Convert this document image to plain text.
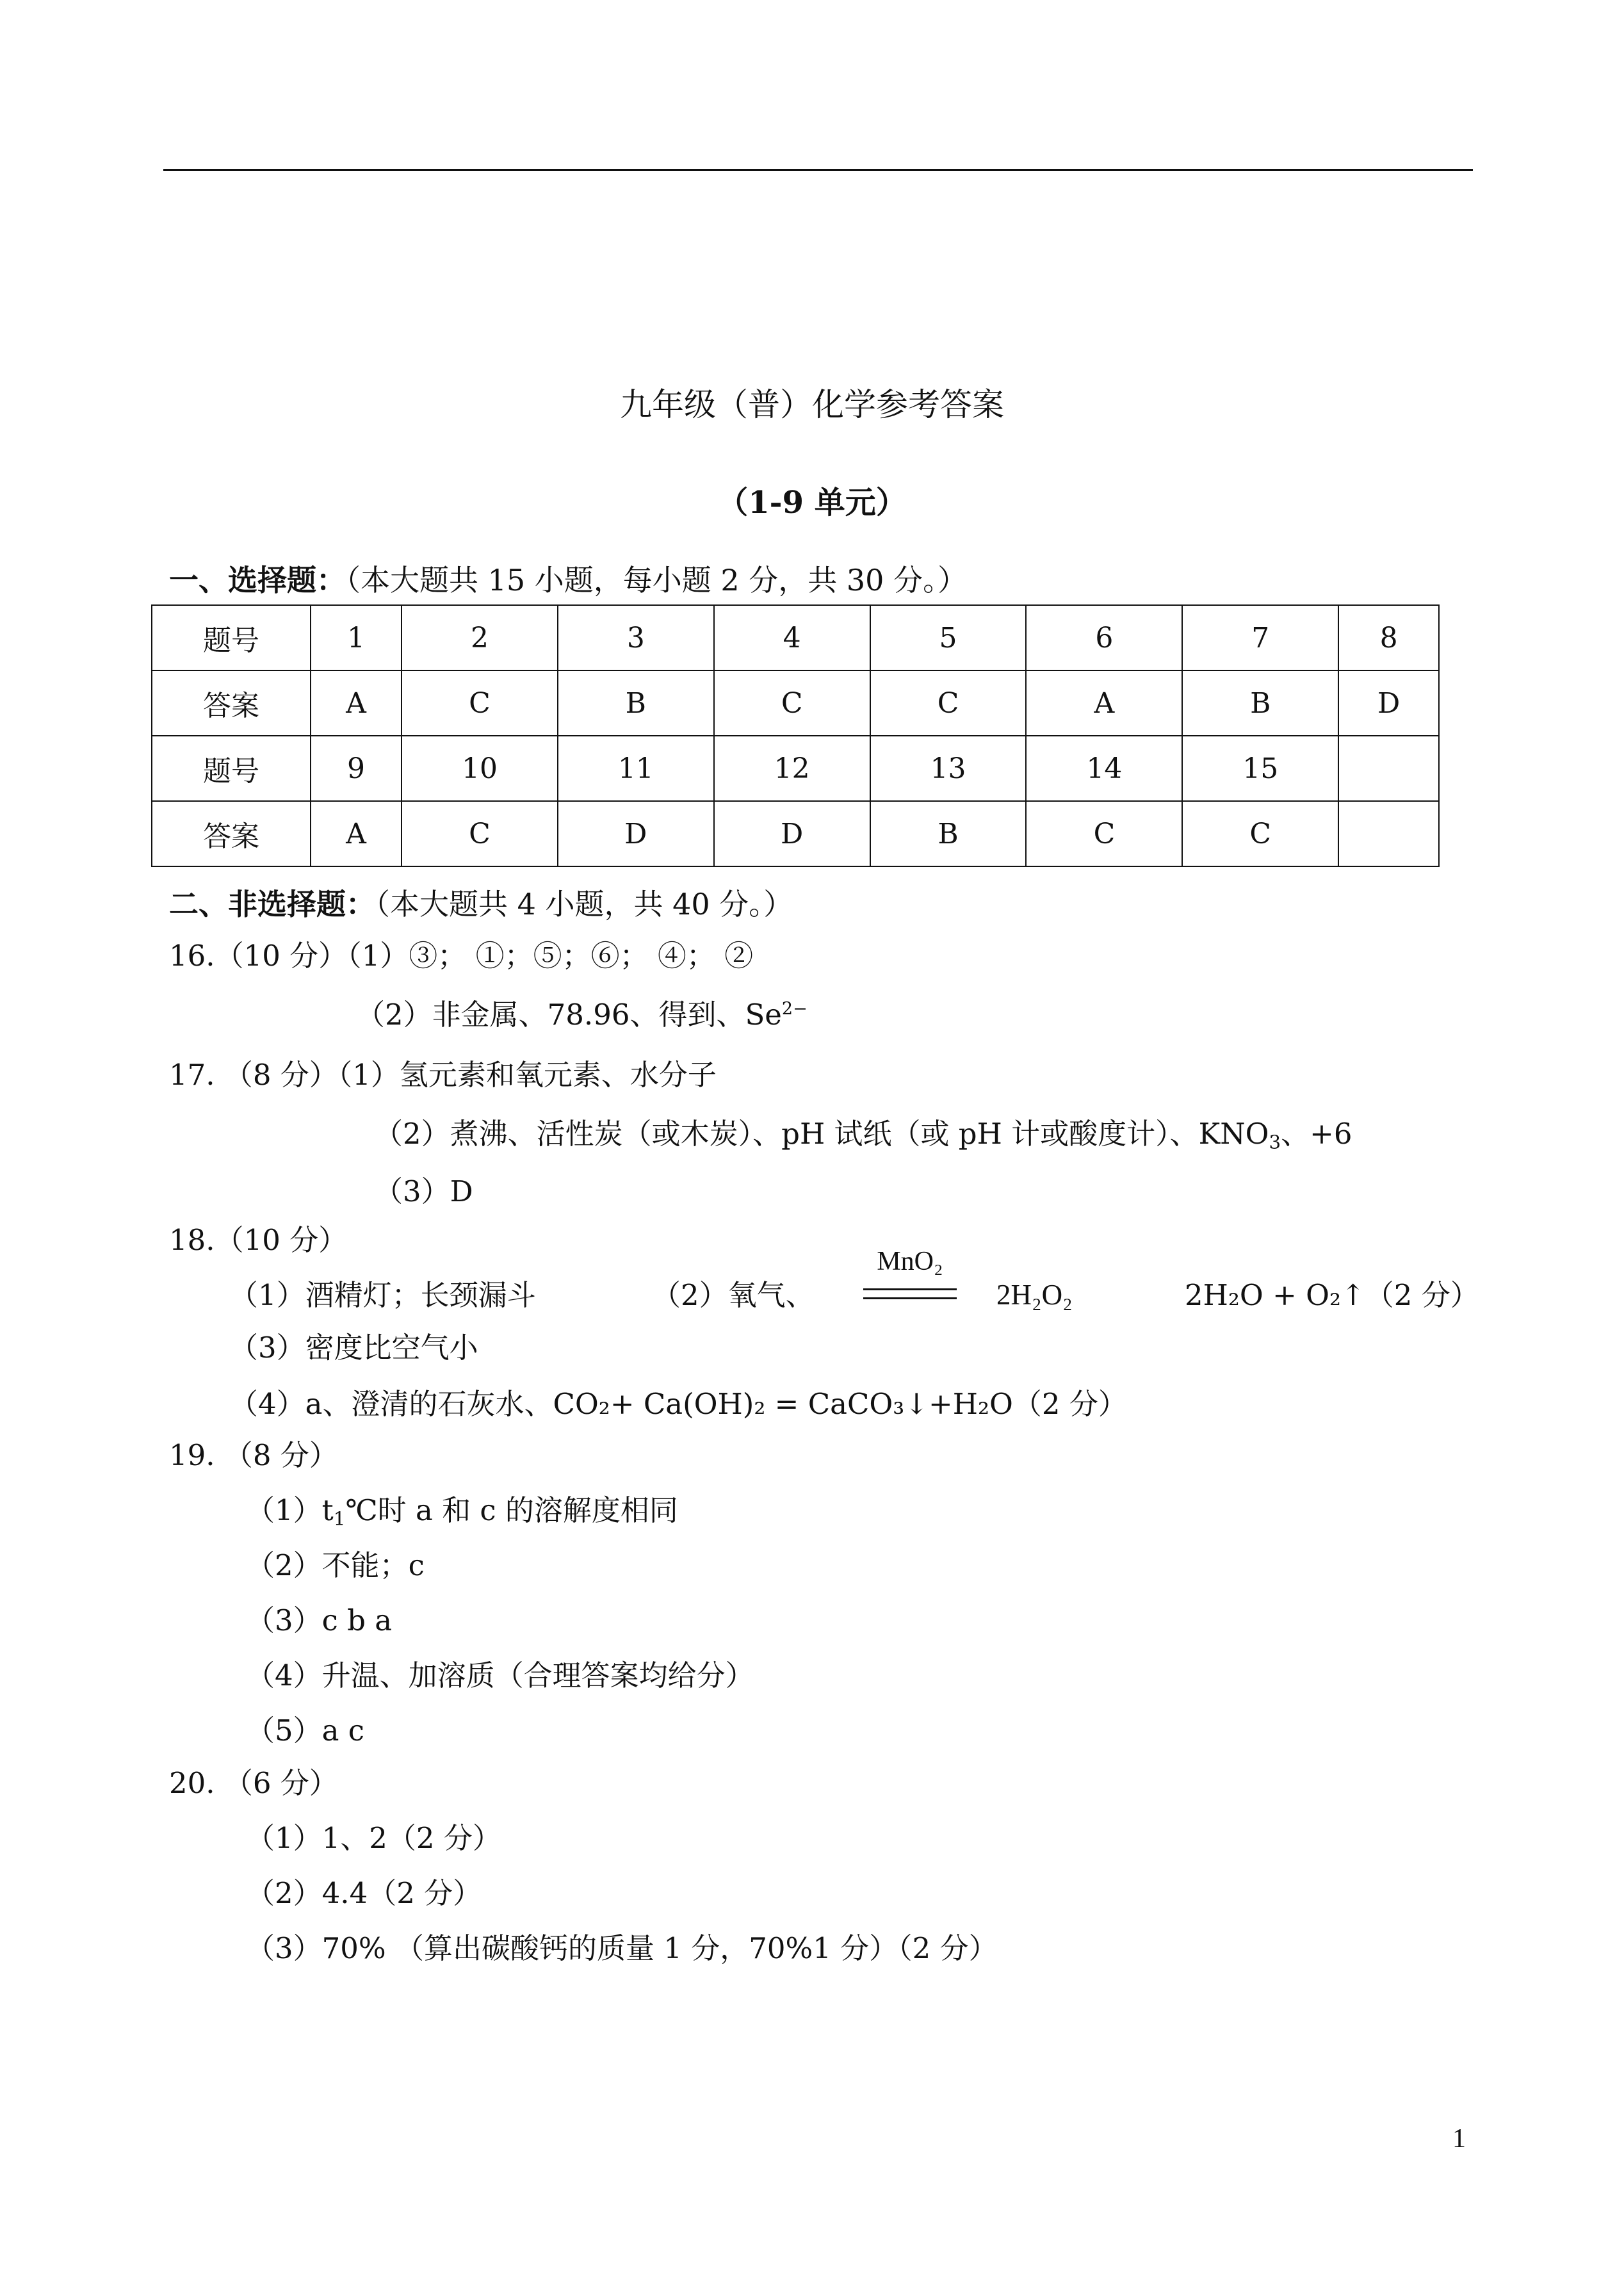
九年级（普）化学参考答案
（1-9 单元）
一、选择题：（本大题共 15 小题，每小题 2 分，共 30 分。）
题号	1	2	3	4	5	6	7	8
答案	A	C	B	C	C	A	B	D
题号	9	10	11	12	13	14	15	
答案	A	C	D	D	B	C	C	
二、非选择题：（本大题共 4 小题，共 40 分。）
16.（10 分）（1）③； ①；⑤；⑥； ④； ②
（2）非金属、78.96、得到、$Se^{2-}$
17. （8 分）（1）氢元素和氧元素、水分子
（2）煮沸、活性炭（或木炭）、pH 试纸（或 pH 计或酸度计）、$KNO_3$、+6
（3）D
18.（10 分）
（1）酒精灯；长颈漏斗	（2）氧气、
MnO₂
2H₂O₂	2H₂O + O₂↑（2 分）
（3）密度比空气小
（4）a、澄清的石灰水、CO₂+ Ca(OH)₂ = CaCO₃↓+H₂O（2 分）
19. （8 分）
$(1)t_1℃$时 a 和 c 的溶解度相同
（2）不能；c
（3）c b a
（4）升温、加溶质（合理答案均给分）
（5）a c
20. （6 分）
（1）1、2（2 分）
（2）4.4（2 分）
（3）70% （算出碳酸钙的质量 1 分，70%1 分）（2 分）
1
